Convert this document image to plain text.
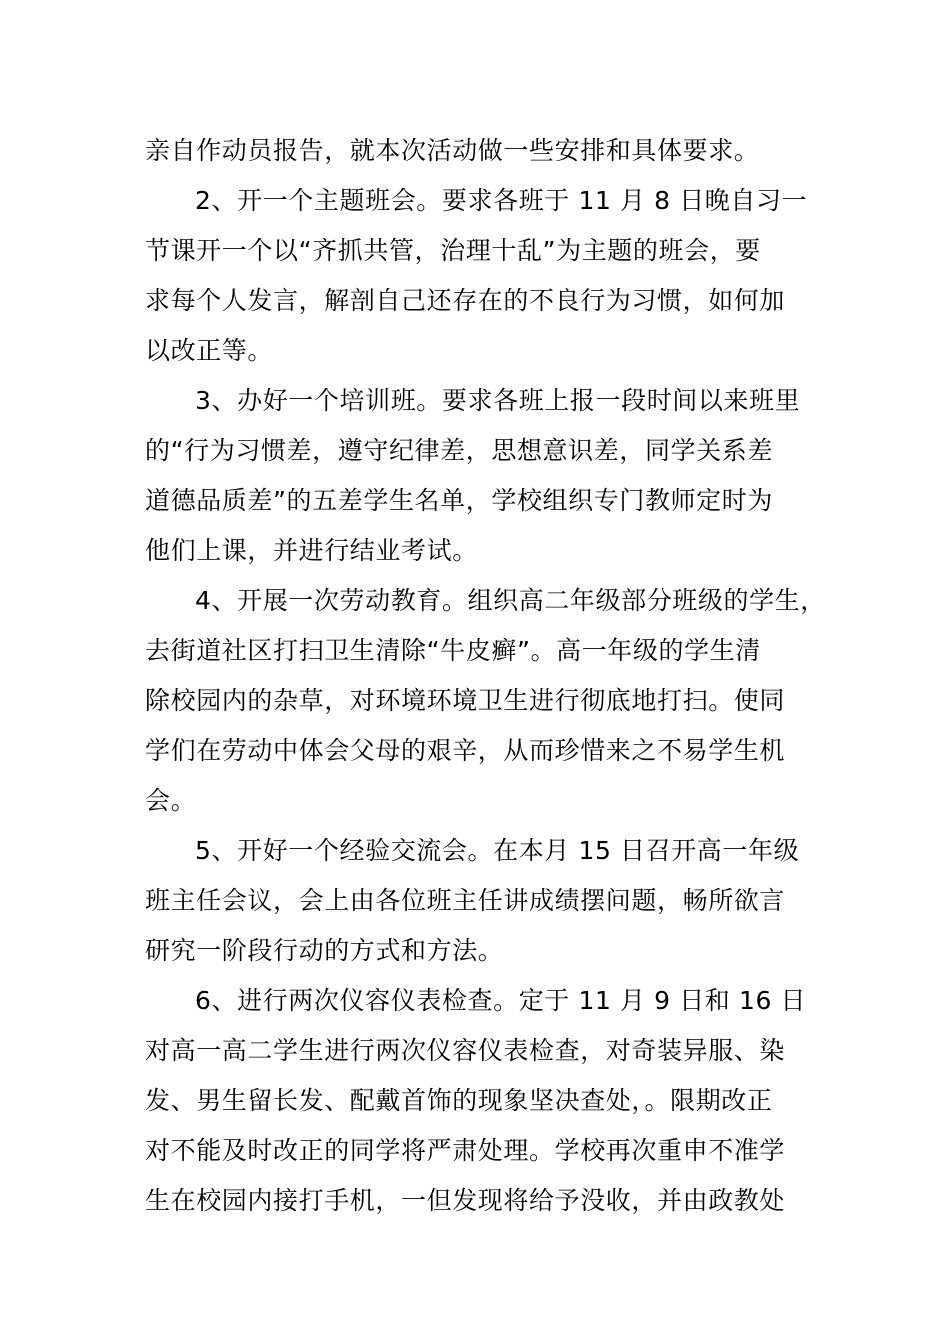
亲自作动员报告，就本次活动做一些安排和具体要求。
2、开一个主题班会。要求各班于 11 月 8 日晚自习一
节课开一个以“齐抓共管，治理十乱”为主题的班会，要
求每个人发言，解剖自己还存在的不良行为习惯，如何加
以改正等。
3、办好一个培训班。要求各班上报一段时间以来班里
的“行为习惯差，遵守纪律差，思想意识差，同学关系差
道德品质差”的五差学生名单，学校组织专门教师定时为
他们上课，并进行结业考试。
4、开展一次劳动教育。组织高二年级部分班级的学生，
去街道社区打扫卫生清除“牛皮癣”。高一年级的学生清
除校园内的杂草，对环境环境卫生进行彻底地打扫。使同
学们在劳动中体会父母的艰辛，从而珍惜来之不易学生机
会。
5、开好一个经验交流会。在本月 15 日召开高一年级
班主任会议，会上由各位班主任讲成绩摆问题，畅所欲言
研究一阶段行动的方式和方法。
6、进行两次仪容仪表检查。定于 11 月 9 日和 16 日
对高一高二学生进行两次仪容仪表检查，对奇装异服、染
发、男生留长发、配戴首饰的现象坚决查处，。限期改正
对不能及时改正的同学将严肃处理。学校再次重申不准学
生在校园内接打手机，一但发现将给予没收，并由政教处
